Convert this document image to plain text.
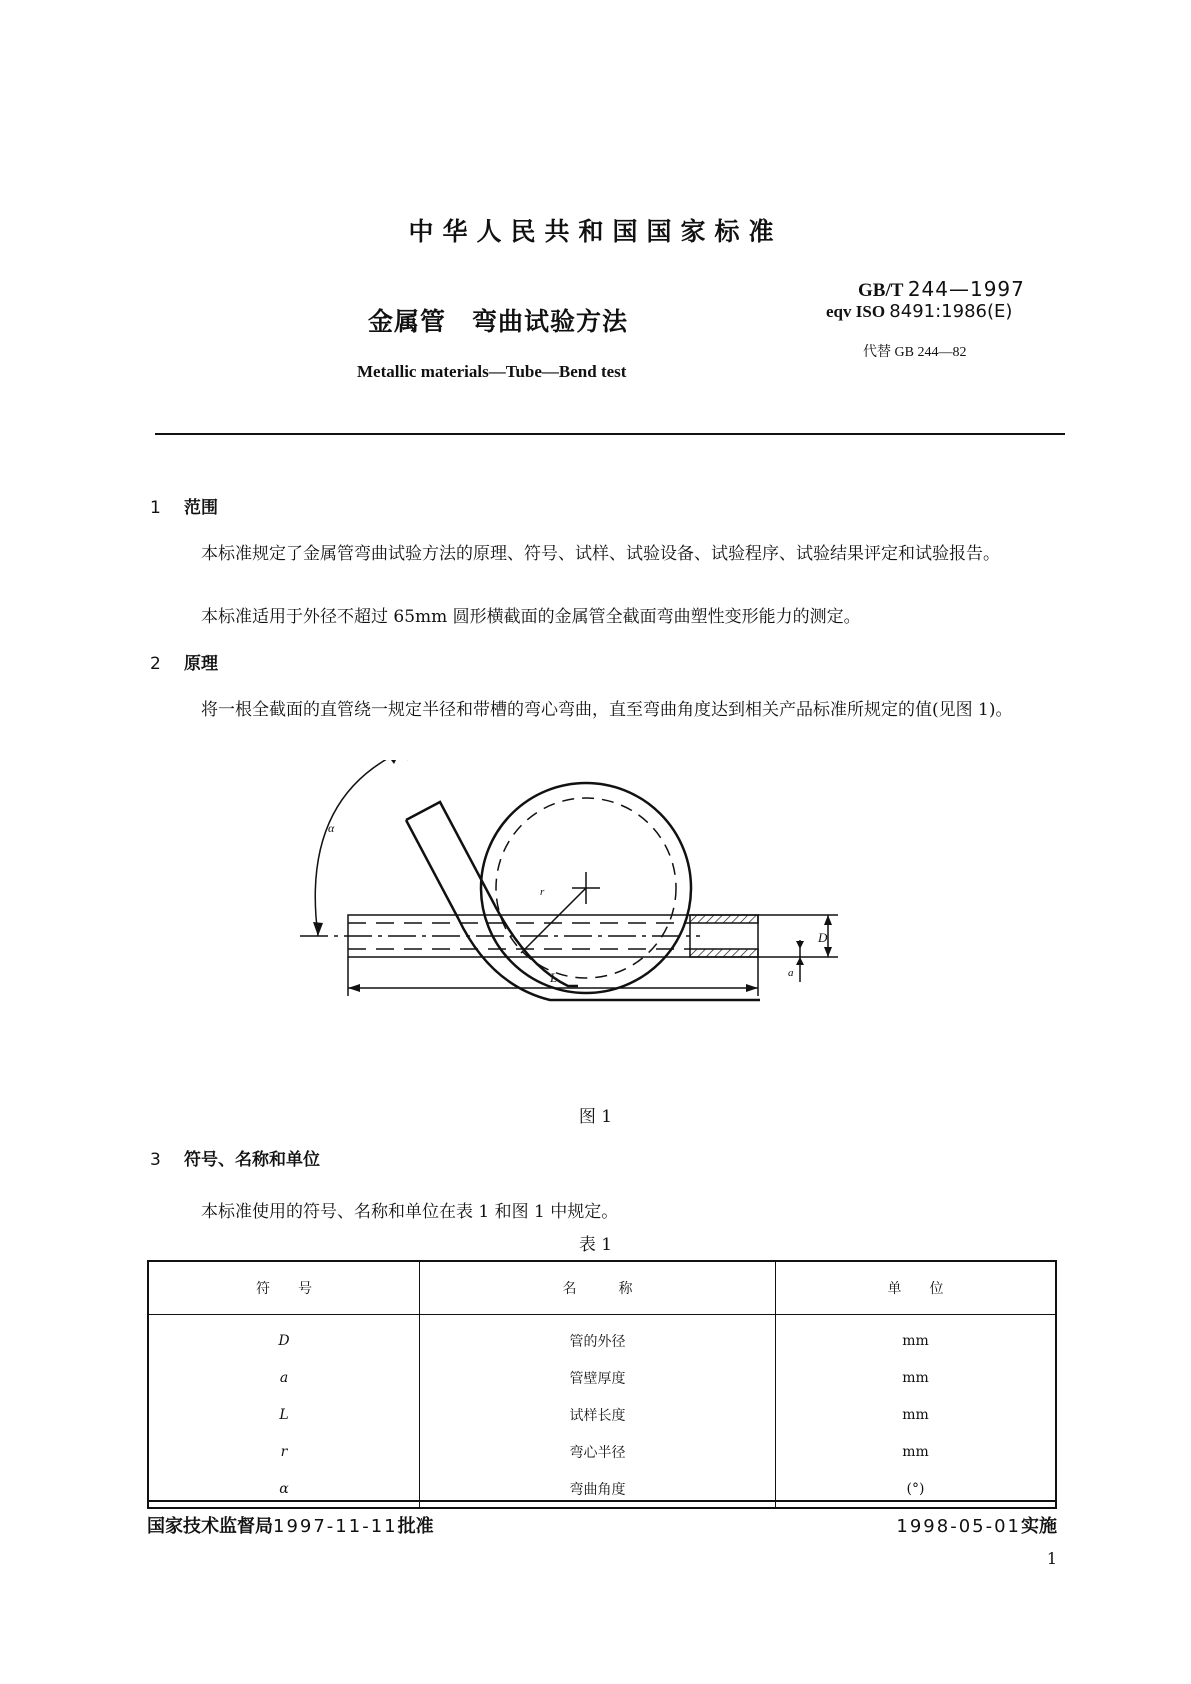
中华人民共和国国家标准
金属管　弯曲试验方法
Metallic materials—Tube—Bend test
GB/T 244—1997
eqv ISO 8491:1986(E)
代替 GB 244—82
1 范围
本标准规定了金属管弯曲试验方法的原理、符号、试样、试验设备、试验程序、试验结果评定和试验报告。
本标准适用于外径不超过 65mm 圆形横截面的金属管全截面弯曲塑性变形能力的测定。
2 原理
将一根全截面的直管绕一规定半径和带槽的弯心弯曲，直至弯曲角度达到相关产品标准所规定的值(见图 1)。
α
r
D
a
L
图 1
3 符号、名称和单位
本标准使用的符号、名称和单位在表 1 和图 1 中规定。
表 1
符　　号	名　　　称	单　　位
D	管的外径	mm
a	管壁厚度	mm
L	试样长度	mm
r	弯心半径	mm
α	弯曲角度	(°)
国家技术监督局1997-11-11批准	1998-05-01实施
1
